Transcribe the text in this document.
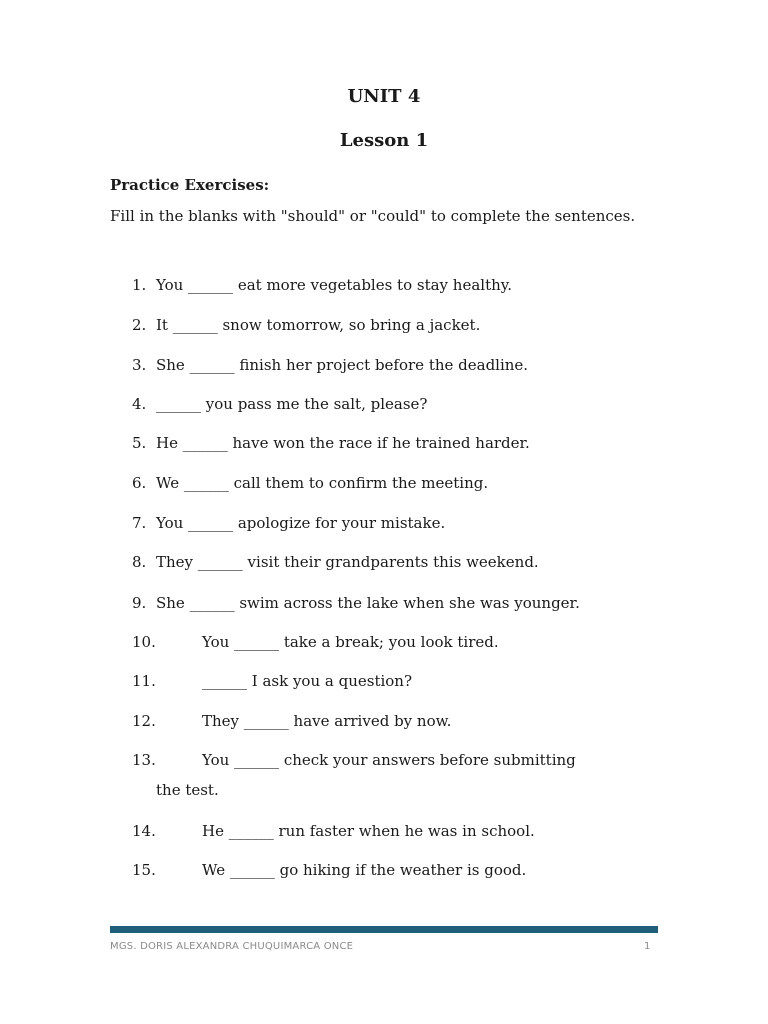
UNIT 4
Lesson 1
Practice Exercises:
Fill in the blanks with "should" or "could" to complete the sentences.
1. You ______ eat more vegetables to stay healthy.
2. It ______ snow tomorrow, so bring a jacket.
3. She ______ finish her project before the deadline.
4. ______ you pass me the salt, please?
5. He ______ have won the race if he trained harder.
6. We ______ call them to confirm the meeting.
7. You ______ apologize for your mistake.
8. They ______ visit their grandparents this weekend.
9. She ______ swim across the lake when she was younger.
10.	You ______ take a break; you look tired.
11.	______ I ask you a question?
12.	They ______ have arrived by now.
13.	You ______ check your answers before submitting
the test.
14.	He ______ run faster when he was in school.
15.	We ______ go hiking if the weather is good.
MGS. DORIS ALEXANDRA CHUQUIMARCA ONCE	1
